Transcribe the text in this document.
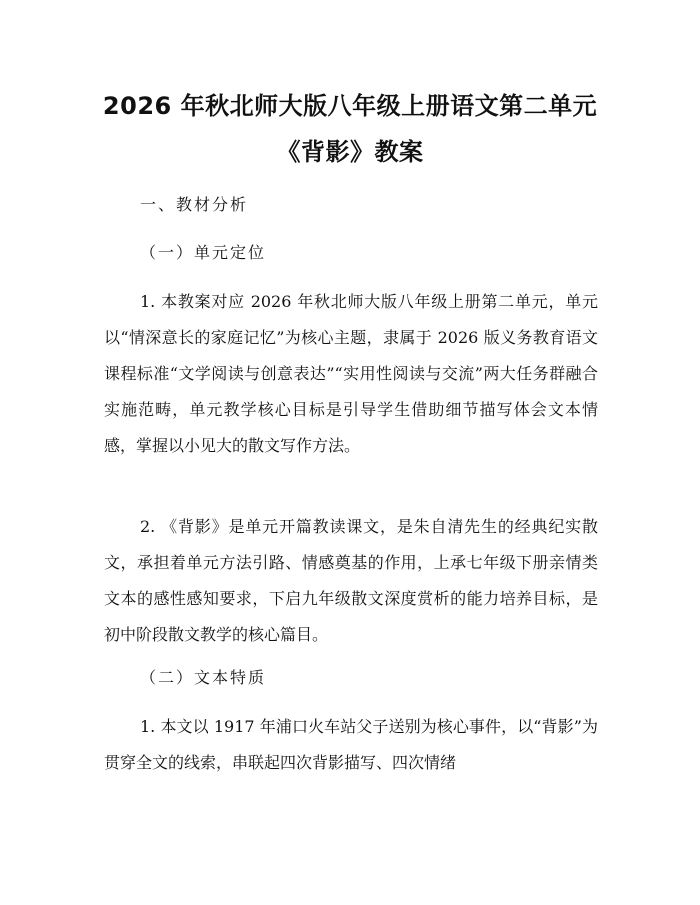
2026 年秋北师大版八年级上册语文第二单元
《背影》教案
一、教材分析
（一）单元定位
1. 本教案对应 2026 年秋北师大版八年级上册第二单元，单元以“情深意长的家庭记忆”为核心主题，隶属于 2026 版义务教育语文课程标准“文学阅读与创意表达”“实用性阅读与交流”两大任务群融合实施范畴，单元教学核心目标是引导学生借助细节描写体会文本情感，掌握以小见大的散文写作方法。
2. 《背影》是单元开篇教读课文，是朱自清先生的经典纪实散文，承担着单元方法引路、情感奠基的作用，上承七年级下册亲情类文本的感性感知要求，下启九年级散文深度赏析的能力培养目标，是初中阶段散文教学的核心篇目。
（二）文本特质
1. 本文以 1917 年浦口火车站父子送别为核心事件，以“背影”为贯穿全文的线索，串联起四次背影描写、四次情绪
